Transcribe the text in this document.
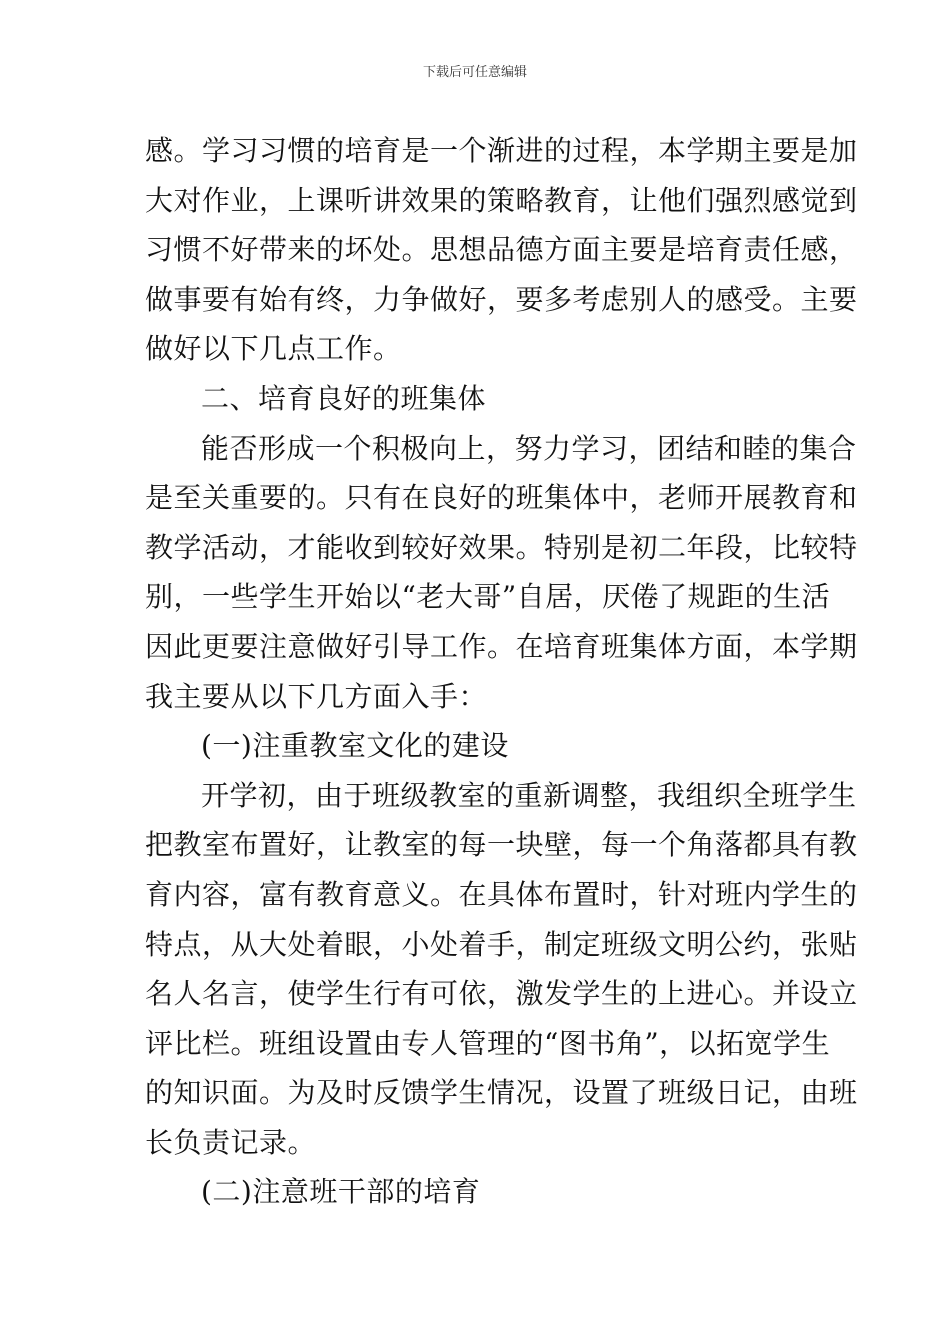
下载后可任意编辑
感。学习习惯的培育是一个渐进的过程，本学期主要是加
大对作业，上课听讲效果的策略教育，让他们强烈感觉到
习惯不好带来的坏处。思想品德方面主要是培育责任感，
做事要有始有终，力争做好，要多考虑别人的感受。主要
做好以下几点工作。
二、培育良好的班集体
能否形成一个积极向上，努力学习，团结和睦的集合
是至关重要的。只有在良好的班集体中，老师开展教育和
教学活动，才能收到较好效果。特别是初二年段，比较特
别，一些学生开始以“老大哥”自居，厌倦了规距的生活
因此更要注意做好引导工作。在培育班集体方面，本学期
我主要从以下几方面入手：
(一)注重教室文化的建设
开学初，由于班级教室的重新调整，我组织全班学生
把教室布置好，让教室的每一块壁，每一个角落都具有教
育内容，富有教育意义。在具体布置时，针对班内学生的
特点，从大处着眼，小处着手，制定班级文明公约，张贴
名人名言，使学生行有可依，激发学生的上进心。并设立
评比栏。班组设置由专人管理的“图书角”，以拓宽学生
的知识面。为及时反馈学生情况，设置了班级日记，由班
长负责记录。
(二)注意班干部的培育
